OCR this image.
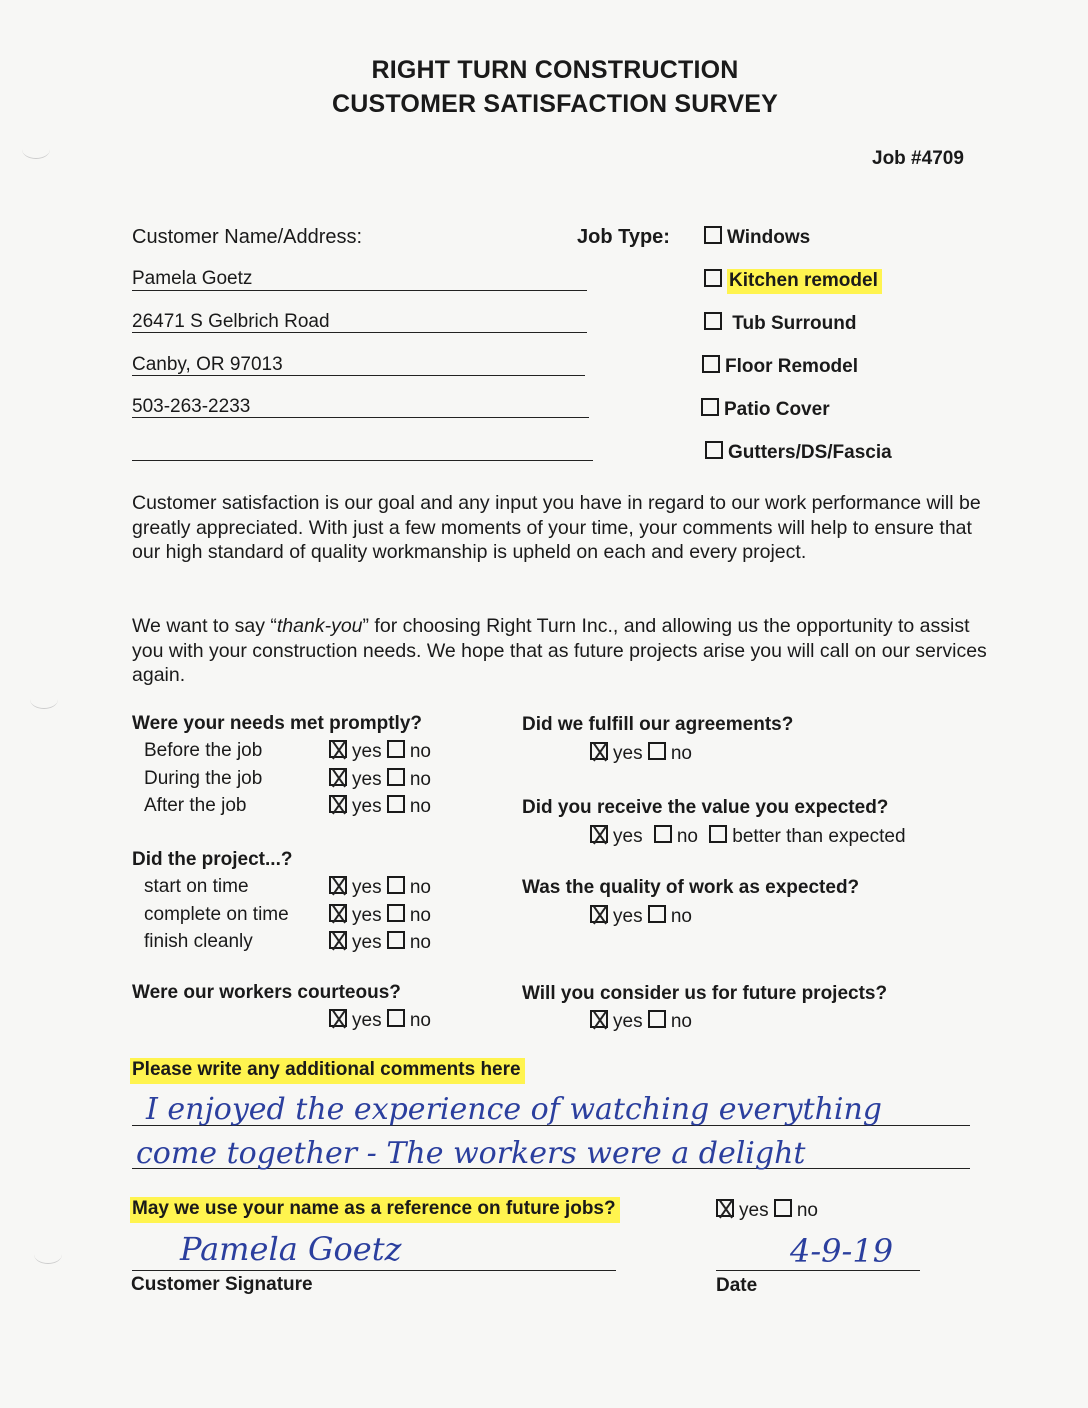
RIGHT TURN CONSTRUCTION
CUSTOMER SATISFACTION SURVEY
Job #4709
Customer Name/Address:
Pamela Goetz
26471 S Gelbrich Road
Canby, OR 97013
503-263-2233
Job Type:	Windows
Kitchen remodel
Tub Surround
Floor Remodel
Patio Cover
Gutters/DS/Fascia
Customer satisfaction is our goal and any input you have in regard to our work performance will be greatly appreciated. With just a few moments of your time, your comments will help to ensure that our high standard of quality workmanship is upheld on each and every project.
We want to say “thank-you” for choosing Right Turn Inc., and allowing us the opportunity to assist you with your construction needs. We hope that as future projects arise you will call on our services again.
Were your needs met promptly?
Before the job	yes no
During the job	yes no
After the job	yes no
Did the project...?
start on time	yes no
complete on time	yes no
finish cleanly	yes no
Were our workers courteous?
yes no
Did we fulfill our agreements?
yes no
Did you receive the value you expected?
yes no better than expected
Was the quality of work as expected?
yes no
Will you consider us for future projects?
yes no
Please write any additional comments here
I enjoyed the experience of watching everything
come together - The workers were a delight
May we use your name as a reference on future jobs?	yes no
Pamela Goetz
Customer Signature
4-9-19
Date
